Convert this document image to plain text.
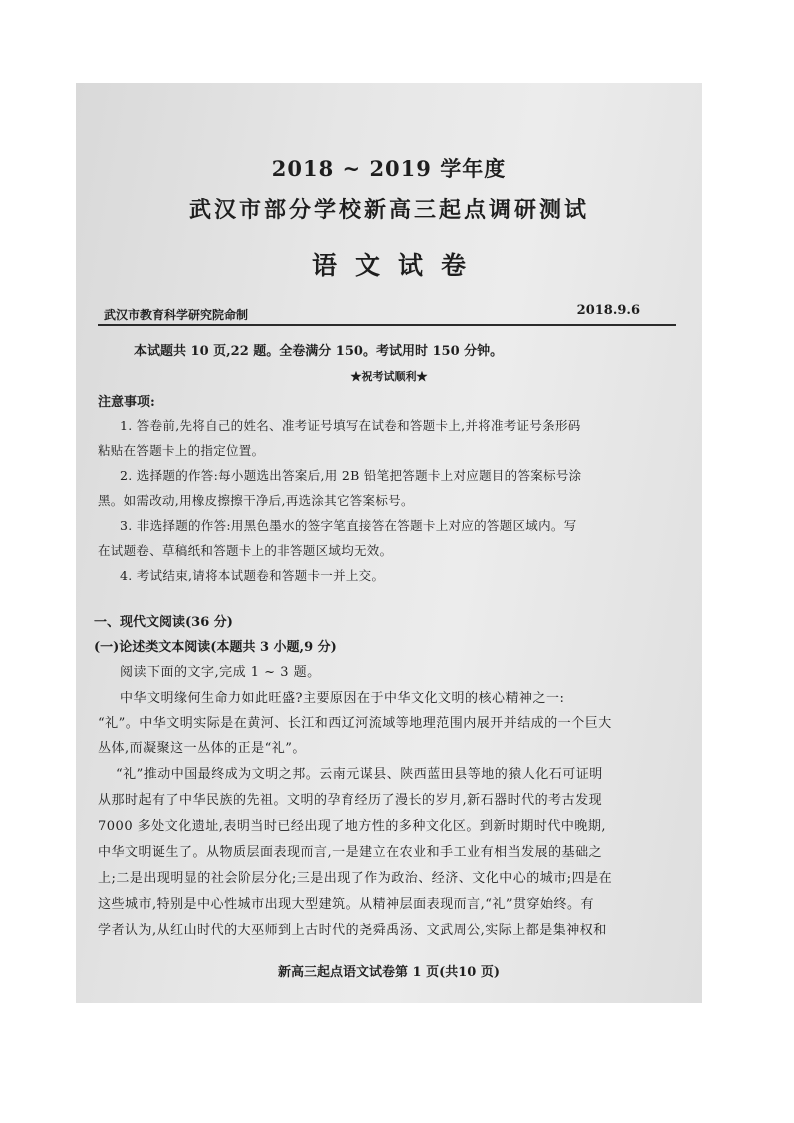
2018 ~ 2019 学年度
武汉市部分学校新高三起点调研测试
语文试卷
武汉市教育科学研究院命制	2018.9.6
本试题共 10 页,22 题。全卷满分 150。考试用时 150 分钟。
★祝考试顺利★
注意事项:
1. 答卷前,先将自己的姓名、准考证号填写在试卷和答题卡上,并将准考证号条形码
粘贴在答题卡上的指定位置。
2. 选择题的作答:每小题选出答案后,用 2B 铅笔把答题卡上对应题目的答案标号涂
黑。如需改动,用橡皮擦擦干净后,再选涂其它答案标号。
3. 非选择题的作答:用黑色墨水的签字笔直接答在答题卡上对应的答题区域内。写
在试题卷、草稿纸和答题卡上的非答题区域均无效。
4. 考试结束,请将本试题卷和答题卡一并上交。
一、现代文阅读(36 分)
(一)论述类文本阅读(本题共 3 小题,9 分)
阅读下面的文字,完成 1 ~ 3 题。
中华文明缘何生命力如此旺盛?主要原因在于中华文化文明的核心精神之一:
“礼”。中华文明实际是在黄河、长江和西辽河流域等地理范围内展开并结成的一个巨大
丛体,而凝聚这一丛体的正是“礼”。
“礼”推动中国最终成为文明之邦。云南元谋县、陕西蓝田县等地的猿人化石可证明
从那时起有了中华民族的先祖。文明的孕育经历了漫长的岁月,新石器时代的考古发现
7000 多处文化遗址,表明当时已经出现了地方性的多种文化区。到新时期时代中晚期,
中华文明诞生了。从物质层面表现而言,一是建立在农业和手工业有相当发展的基础之
上;二是出现明显的社会阶层分化;三是出现了作为政治、经济、文化中心的城市;四是在
这些城市,特别是中心性城市出现大型建筑。从精神层面表现而言,“礼”贯穿始终。有
学者认为,从红山时代的大巫师到上古时代的尧舜禹汤、文武周公,实际上都是集神权和
新高三起点语文试卷第 1 页(共10 页)
